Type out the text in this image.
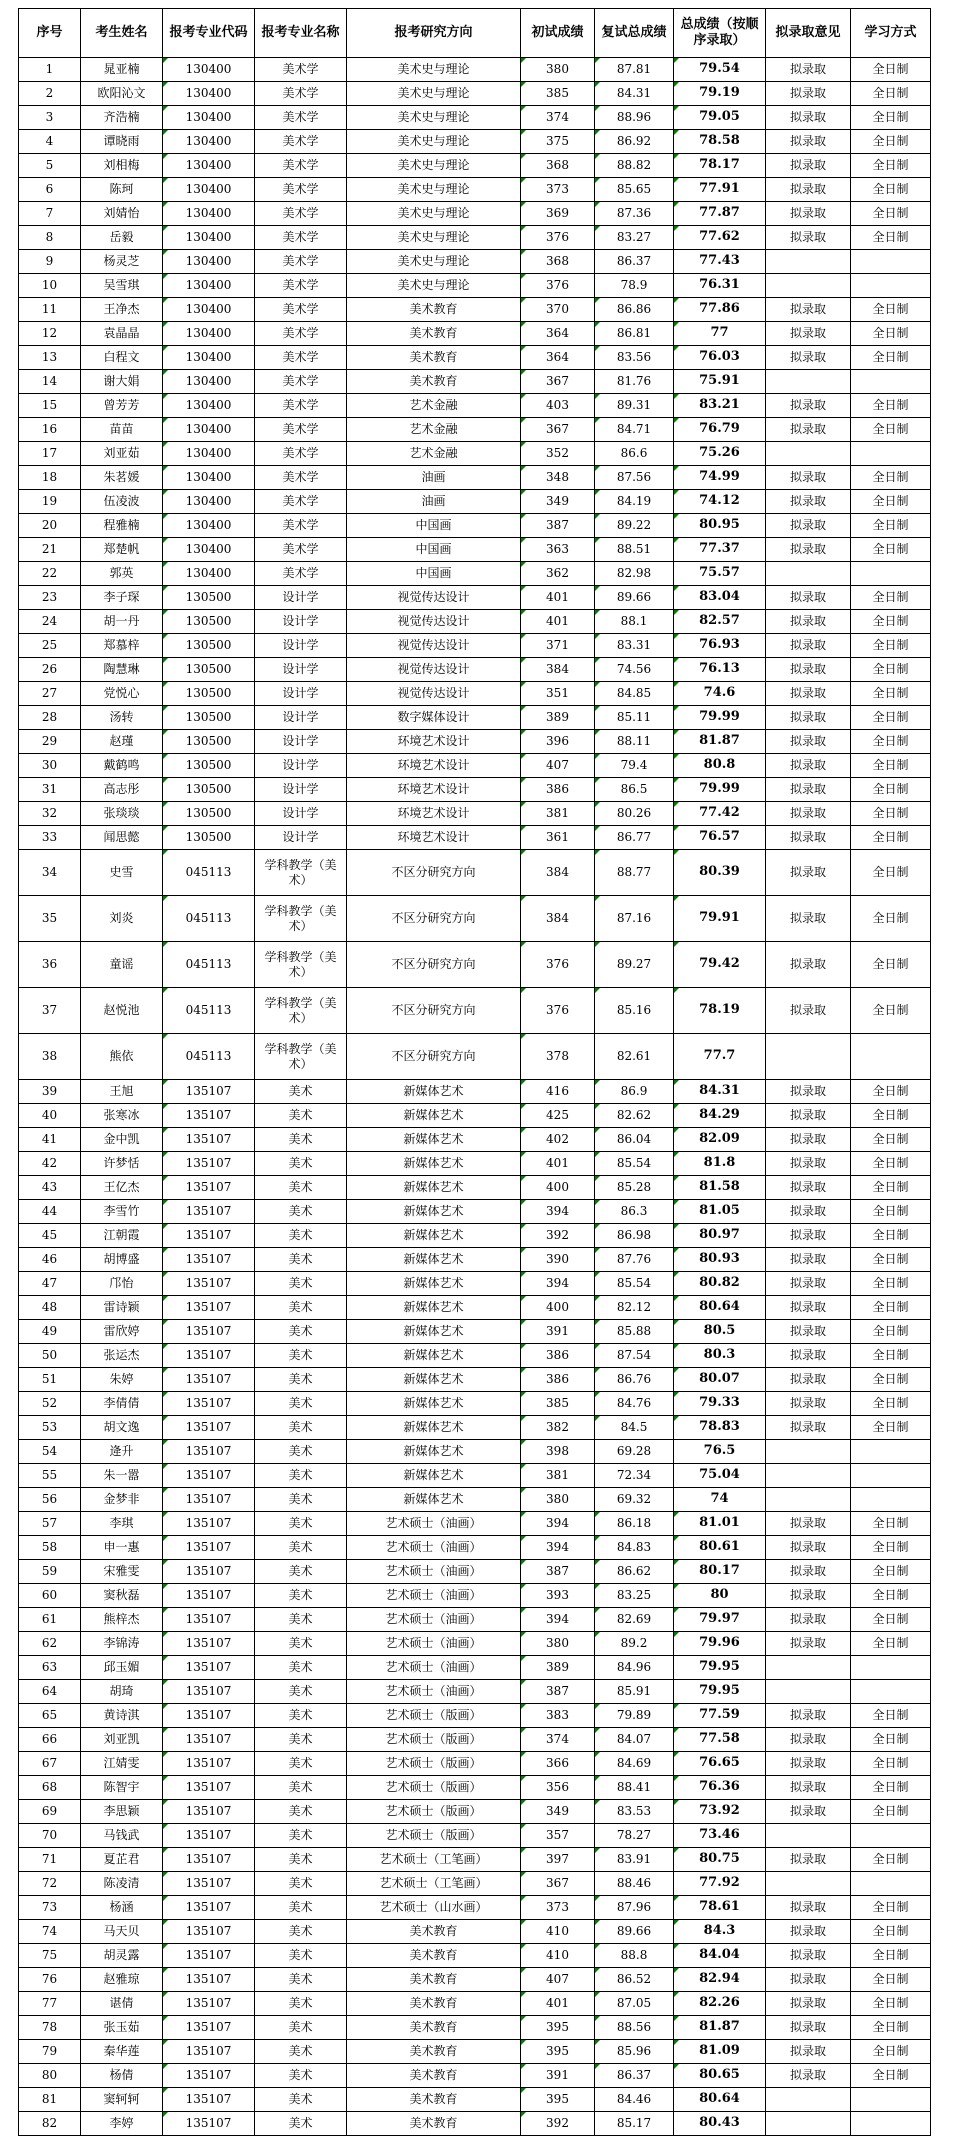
序号	考生姓名	报考专业代码	报考专业名称	报考研究方向	初试成绩	复试总成绩	总成绩（按顺序录取）	拟录取意见	学习方式
1	晁亚楠	130400	美术学	美术史与理论	380	87.81	79.54	拟录取	全日制
2	欧阳沁文	130400	美术学	美术史与理论	385	84.31	79.19	拟录取	全日制
3	齐浩楠	130400	美术学	美术史与理论	374	88.96	79.05	拟录取	全日制
4	谭晓雨	130400	美术学	美术史与理论	375	86.92	78.58	拟录取	全日制
5	刘相梅	130400	美术学	美术史与理论	368	88.82	78.17	拟录取	全日制
6	陈珂	130400	美术学	美术史与理论	373	85.65	77.91	拟录取	全日制
7	刘婧怡	130400	美术学	美术史与理论	369	87.36	77.87	拟录取	全日制
8	岳毅	130400	美术学	美术史与理论	376	83.27	77.62	拟录取	全日制
9	杨灵芝	130400	美术学	美术史与理论	368	86.37	77.43		
10	吴雪琪	130400	美术学	美术史与理论	376	78.9	76.31		
11	王净杰	130400	美术学	美术教育	370	86.86	77.86	拟录取	全日制
12	袁晶晶	130400	美术学	美术教育	364	86.81	77	拟录取	全日制
13	白程文	130400	美术学	美术教育	364	83.56	76.03	拟录取	全日制
14	谢大娟	130400	美术学	美术教育	367	81.76	75.91		
15	曾芳芳	130400	美术学	艺术金融	403	89.31	83.21	拟录取	全日制
16	苗苗	130400	美术学	艺术金融	367	84.71	76.79	拟录取	全日制
17	刘亚茹	130400	美术学	艺术金融	352	86.6	75.26		
18	朱茗媛	130400	美术学	油画	348	87.56	74.99	拟录取	全日制
19	伍凌波	130400	美术学	油画	349	84.19	74.12	拟录取	全日制
20	程雅楠	130400	美术学	中国画	387	89.22	80.95	拟录取	全日制
21	郑楚帆	130400	美术学	中国画	363	88.51	77.37	拟录取	全日制
22	郭英	130400	美术学	中国画	362	82.98	75.57		
23	李子琛	130500	设计学	视觉传达设计	401	89.66	83.04	拟录取	全日制
24	胡一丹	130500	设计学	视觉传达设计	401	88.1	82.57	拟录取	全日制
25	郑慕梓	130500	设计学	视觉传达设计	371	83.31	76.93	拟录取	全日制
26	陶慧琳	130500	设计学	视觉传达设计	384	74.56	76.13	拟录取	全日制
27	党悦心	130500	设计学	视觉传达设计	351	84.85	74.6	拟录取	全日制
28	汤转	130500	设计学	数字媒体设计	389	85.11	79.99	拟录取	全日制
29	赵瑾	130500	设计学	环境艺术设计	396	88.11	81.87	拟录取	全日制
30	戴鹤鸣	130500	设计学	环境艺术设计	407	79.4	80.8	拟录取	全日制
31	高志彤	130500	设计学	环境艺术设计	386	86.5	79.99	拟录取	全日制
32	张琰琰	130500	设计学	环境艺术设计	381	80.26	77.42	拟录取	全日制
33	闻思懿	130500	设计学	环境艺术设计	361	86.77	76.57	拟录取	全日制
34	史雪	045113	学科教学（美术）	不区分研究方向	384	88.77	80.39	拟录取	全日制
35	刘炎	045113	学科教学（美术）	不区分研究方向	384	87.16	79.91	拟录取	全日制
36	童谣	045113	学科教学（美术）	不区分研究方向	376	89.27	79.42	拟录取	全日制
37	赵悦池	045113	学科教学（美术）	不区分研究方向	376	85.16	78.19	拟录取	全日制
38	熊依	045113	学科教学（美术）	不区分研究方向	378	82.61	77.7		
39	王旭	135107	美术	新媒体艺术	416	86.9	84.31	拟录取	全日制
40	张寒冰	135107	美术	新媒体艺术	425	82.62	84.29	拟录取	全日制
41	金中凯	135107	美术	新媒体艺术	402	86.04	82.09	拟录取	全日制
42	许梦恬	135107	美术	新媒体艺术	401	85.54	81.8	拟录取	全日制
43	王亿杰	135107	美术	新媒体艺术	400	85.28	81.58	拟录取	全日制
44	李雪竹	135107	美术	新媒体艺术	394	86.3	81.05	拟录取	全日制
45	江朝霞	135107	美术	新媒体艺术	392	86.98	80.97	拟录取	全日制
46	胡博盛	135107	美术	新媒体艺术	390	87.76	80.93	拟录取	全日制
47	邝怡	135107	美术	新媒体艺术	394	85.54	80.82	拟录取	全日制
48	雷诗颖	135107	美术	新媒体艺术	400	82.12	80.64	拟录取	全日制
49	雷欣婷	135107	美术	新媒体艺术	391	85.88	80.5	拟录取	全日制
50	张运杰	135107	美术	新媒体艺术	386	87.54	80.3	拟录取	全日制
51	朱婷	135107	美术	新媒体艺术	386	86.76	80.07	拟录取	全日制
52	李倩倩	135107	美术	新媒体艺术	385	84.76	79.33	拟录取	全日制
53	胡文逸	135107	美术	新媒体艺术	382	84.5	78.83	拟录取	全日制
54	逄升	135107	美术	新媒体艺术	398	69.28	76.5		
55	朱一嚣	135107	美术	新媒体艺术	381	72.34	75.04		
56	金梦非	135107	美术	新媒体艺术	380	69.32	74		
57	李琪	135107	美术	艺术硕士（油画）	394	86.18	81.01	拟录取	全日制
58	申一惠	135107	美术	艺术硕士（油画）	394	84.83	80.61	拟录取	全日制
59	宋雅雯	135107	美术	艺术硕士（油画）	387	86.62	80.17	拟录取	全日制
60	窦秋磊	135107	美术	艺术硕士（油画）	393	83.25	80	拟录取	全日制
61	熊梓杰	135107	美术	艺术硕士（油画）	394	82.69	79.97	拟录取	全日制
62	李锦涛	135107	美术	艺术硕士（油画）	380	89.2	79.96	拟录取	全日制
63	邱玉媚	135107	美术	艺术硕士（油画）	389	84.96	79.95		
64	胡琦	135107	美术	艺术硕士（油画）	387	85.91	79.95		
65	黄诗淇	135107	美术	艺术硕士（版画）	383	79.89	77.59	拟录取	全日制
66	刘亚凯	135107	美术	艺术硕士（版画）	374	84.07	77.58	拟录取	全日制
67	江婧雯	135107	美术	艺术硕士（版画）	366	84.69	76.65	拟录取	全日制
68	陈智宇	135107	美术	艺术硕士（版画）	356	88.41	76.36	拟录取	全日制
69	李思颖	135107	美术	艺术硕士（版画）	349	83.53	73.92	拟录取	全日制
70	马钱武	135107	美术	艺术硕士（版画）	357	78.27	73.46		
71	夏芷君	135107	美术	艺术硕士（工笔画）	397	83.91	80.75	拟录取	全日制
72	陈凌清	135107	美术	艺术硕士（工笔画）	367	88.46	77.92		
73	杨涵	135107	美术	艺术硕士（山水画）	373	87.96	78.61	拟录取	全日制
74	马天贝	135107	美术	美术教育	410	89.66	84.3	拟录取	全日制
75	胡灵露	135107	美术	美术教育	410	88.8	84.04	拟录取	全日制
76	赵雅琼	135107	美术	美术教育	407	86.52	82.94	拟录取	全日制
77	谌倩	135107	美术	美术教育	401	87.05	82.26	拟录取	全日制
78	张玉茹	135107	美术	美术教育	395	88.56	81.87	拟录取	全日制
79	秦华莲	135107	美术	美术教育	395	85.96	81.09	拟录取	全日制
80	杨倩	135107	美术	美术教育	391	86.37	80.65	拟录取	全日制
81	窦轲轲	135107	美术	美术教育	395	84.46	80.64		
82	李婷	135107	美术	美术教育	392	85.17	80.43		
